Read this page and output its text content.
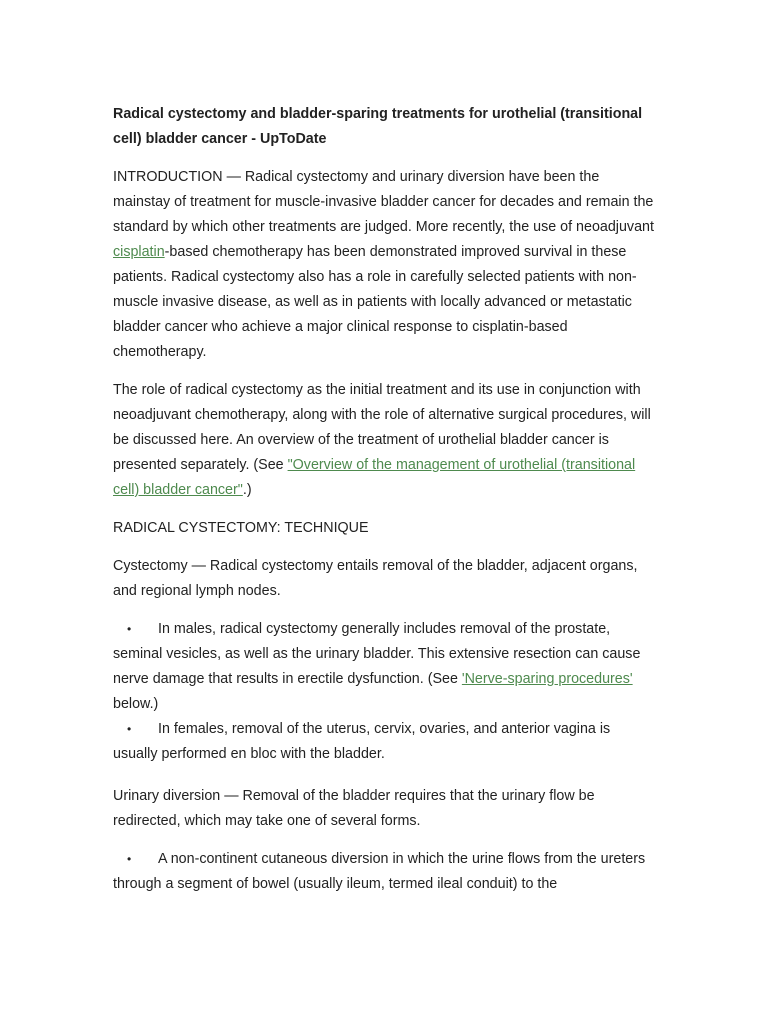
Radical cystectomy and bladder-sparing treatments for urothelial (transitional cell) bladder cancer - UpToDate

INTRODUCTION — Radical cystectomy and urinary diversion have been the mainstay of treatment for muscle-invasive bladder cancer for decades and remain the standard by which other treatments are judged. More recently, the use of neoadjuvant cisplatin-based chemotherapy has been demonstrated improved survival in these patients. Radical cystectomy also has a role in carefully selected patients with non-muscle invasive disease, as well as in patients with locally advanced or metastatic bladder cancer who achieve a major clinical response to cisplatin-based chemotherapy.

The role of radical cystectomy as the initial treatment and its use in conjunction with neoadjuvant chemotherapy, along with the role of alternative surgical procedures, will be discussed here. An overview of the treatment of urothelial bladder cancer is presented separately. (See "Overview of the management of urothelial (transitional cell) bladder cancer".)

RADICAL CYSTECTOMY: TECHNIQUE

Cystectomy — Radical cystectomy entails removal of the bladder, adjacent organs, and regional lymph nodes.

• In males, radical cystectomy generally includes removal of the prostate, seminal vesicles, as well as the urinary bladder. This extensive resection can cause nerve damage that results in erectile dysfunction. (See 'Nerve-sparing procedures' below.)
• In females, removal of the uterus, cervix, ovaries, and anterior vagina is usually performed en bloc with the bladder.

Urinary diversion — Removal of the bladder requires that the urinary flow be redirected, which may take one of several forms.

• A non-continent cutaneous diversion in which the urine flows from the ureters through a segment of bowel (usually ileum, termed ileal conduit) to the
